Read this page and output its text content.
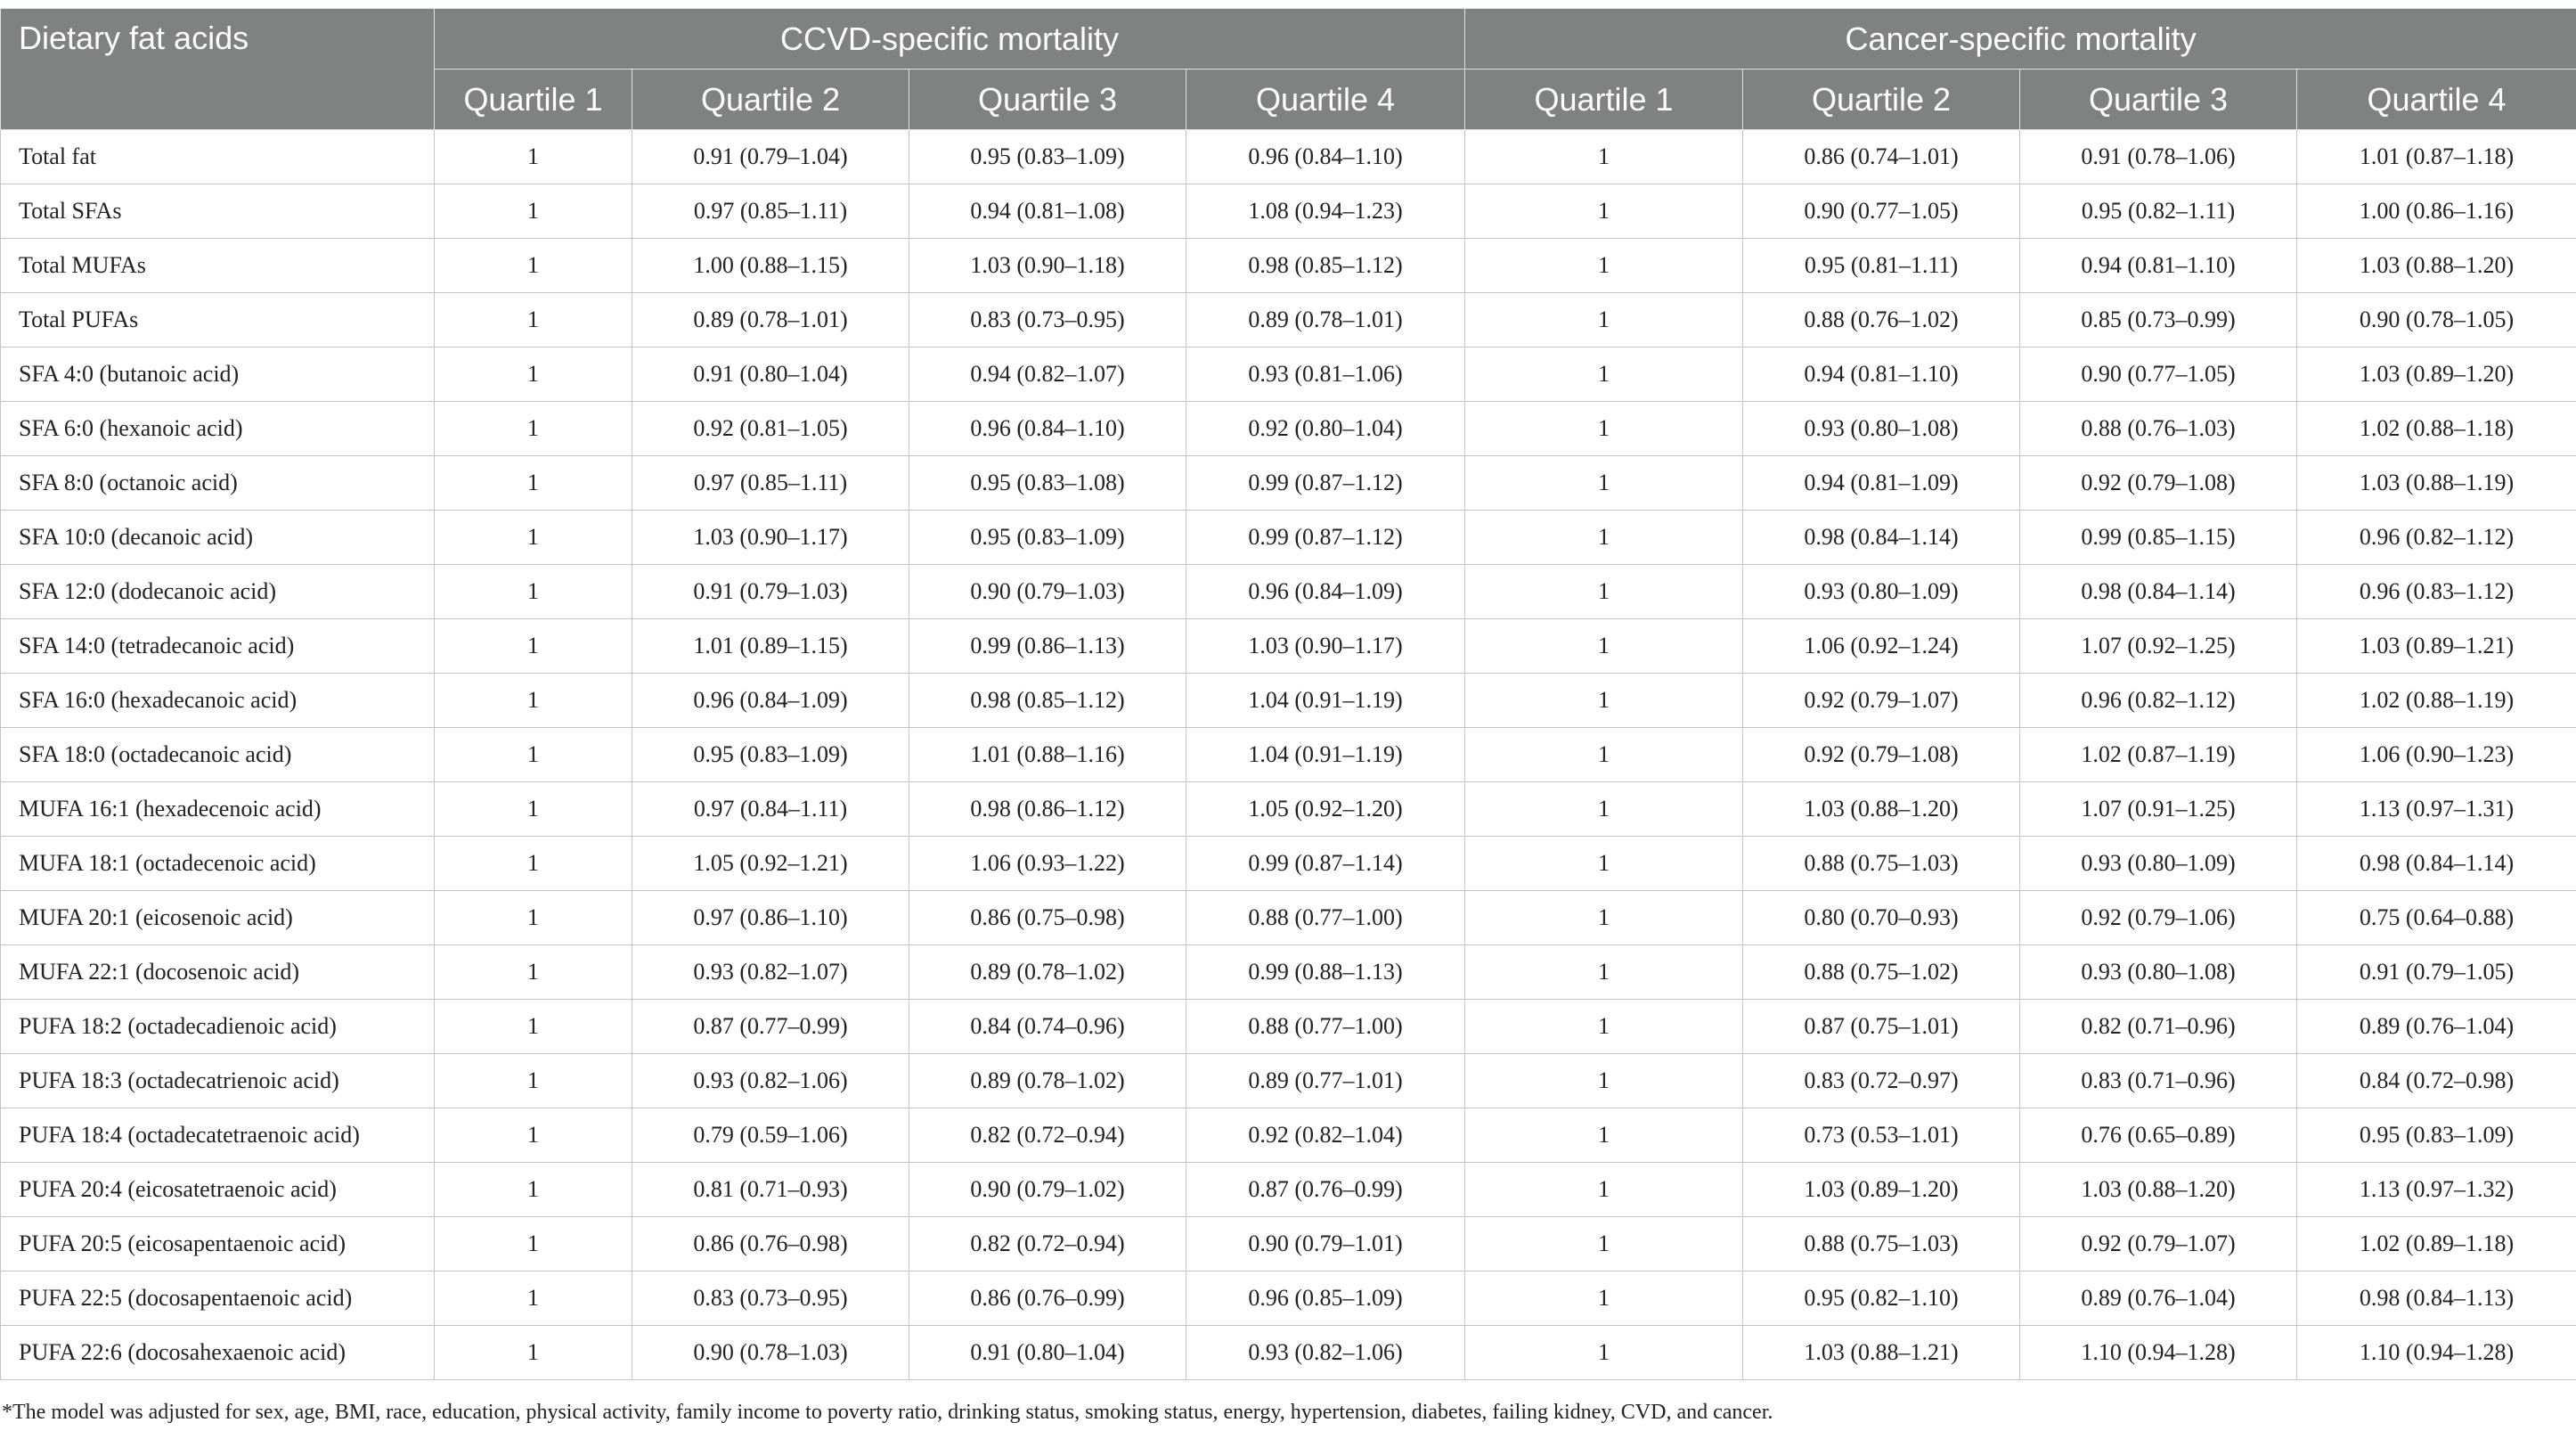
Dietary fat acids	CCVD-specific mortality				Cancer-specific mortality			
	Quartile 1	Quartile 2	Quartile 3	Quartile 4	Quartile 1	Quartile 2	Quartile 3	Quartile 4
Total fat	1	0.91 (0.79–1.04)	0.95 (0.83–1.09)	0.96 (0.84–1.10)	1	0.86 (0.74–1.01)	0.91 (0.78–1.06)	1.01 (0.87–1.18)
Total SFAs	1	0.97 (0.85–1.11)	0.94 (0.81–1.08)	1.08 (0.94–1.23)	1	0.90 (0.77–1.05)	0.95 (0.82–1.11)	1.00 (0.86–1.16)
Total MUFAs	1	1.00 (0.88–1.15)	1.03 (0.90–1.18)	0.98 (0.85–1.12)	1	0.95 (0.81–1.11)	0.94 (0.81–1.10)	1.03 (0.88–1.20)
Total PUFAs	1	0.89 (0.78–1.01)	0.83 (0.73–0.95)	0.89 (0.78–1.01)	1	0.88 (0.76–1.02)	0.85 (0.73–0.99)	0.90 (0.78–1.05)
SFA 4:0 (butanoic acid)	1	0.91 (0.80–1.04)	0.94 (0.82–1.07)	0.93 (0.81–1.06)	1	0.94 (0.81–1.10)	0.90 (0.77–1.05)	1.03 (0.89–1.20)
SFA 6:0 (hexanoic acid)	1	0.92 (0.81–1.05)	0.96 (0.84–1.10)	0.92 (0.80–1.04)	1	0.93 (0.80–1.08)	0.88 (0.76–1.03)	1.02 (0.88–1.18)
SFA 8:0 (octanoic acid)	1	0.97 (0.85–1.11)	0.95 (0.83–1.08)	0.99 (0.87–1.12)	1	0.94 (0.81–1.09)	0.92 (0.79–1.08)	1.03 (0.88–1.19)
SFA 10:0 (decanoic acid)	1	1.03 (0.90–1.17)	0.95 (0.83–1.09)	0.99 (0.87–1.12)	1	0.98 (0.84–1.14)	0.99 (0.85–1.15)	0.96 (0.82–1.12)
SFA 12:0 (dodecanoic acid)	1	0.91 (0.79–1.03)	0.90 (0.79–1.03)	0.96 (0.84–1.09)	1	0.93 (0.80–1.09)	0.98 (0.84–1.14)	0.96 (0.83–1.12)
SFA 14:0 (tetradecanoic acid)	1	1.01 (0.89–1.15)	0.99 (0.86–1.13)	1.03 (0.90–1.17)	1	1.06 (0.92–1.24)	1.07 (0.92–1.25)	1.03 (0.89–1.21)
SFA 16:0 (hexadecanoic acid)	1	0.96 (0.84–1.09)	0.98 (0.85–1.12)	1.04 (0.91–1.19)	1	0.92 (0.79–1.07)	0.96 (0.82–1.12)	1.02 (0.88–1.19)
SFA 18:0 (octadecanoic acid)	1	0.95 (0.83–1.09)	1.01 (0.88–1.16)	1.04 (0.91–1.19)	1	0.92 (0.79–1.08)	1.02 (0.87–1.19)	1.06 (0.90–1.23)
MUFA 16:1 (hexadecenoic acid)	1	0.97 (0.84–1.11)	0.98 (0.86–1.12)	1.05 (0.92–1.20)	1	1.03 (0.88–1.20)	1.07 (0.91–1.25)	1.13 (0.97–1.31)
MUFA 18:1 (octadecenoic acid)	1	1.05 (0.92–1.21)	1.06 (0.93–1.22)	0.99 (0.87–1.14)	1	0.88 (0.75–1.03)	0.93 (0.80–1.09)	0.98 (0.84–1.14)
MUFA 20:1 (eicosenoic acid)	1	0.97 (0.86–1.10)	0.86 (0.75–0.98)	0.88 (0.77–1.00)	1	0.80 (0.70–0.93)	0.92 (0.79–1.06)	0.75 (0.64–0.88)
MUFA 22:1 (docosenoic acid)	1	0.93 (0.82–1.07)	0.89 (0.78–1.02)	0.99 (0.88–1.13)	1	0.88 (0.75–1.02)	0.93 (0.80–1.08)	0.91 (0.79–1.05)
PUFA 18:2 (octadecadienoic acid)	1	0.87 (0.77–0.99)	0.84 (0.74–0.96)	0.88 (0.77–1.00)	1	0.87 (0.75–1.01)	0.82 (0.71–0.96)	0.89 (0.76–1.04)
PUFA 18:3 (octadecatrienoic acid)	1	0.93 (0.82–1.06)	0.89 (0.78–1.02)	0.89 (0.77–1.01)	1	0.83 (0.72–0.97)	0.83 (0.71–0.96)	0.84 (0.72–0.98)
PUFA 18:4 (octadecatetraenoic acid)	1	0.79 (0.59–1.06)	0.82 (0.72–0.94)	0.92 (0.82–1.04)	1	0.73 (0.53–1.01)	0.76 (0.65–0.89)	0.95 (0.83–1.09)
PUFA 20:4 (eicosatetraenoic acid)	1	0.81 (0.71–0.93)	0.90 (0.79–1.02)	0.87 (0.76–0.99)	1	1.03 (0.89–1.20)	1.03 (0.88–1.20)	1.13 (0.97–1.32)
PUFA 20:5 (eicosapentaenoic acid)	1	0.86 (0.76–0.98)	0.82 (0.72–0.94)	0.90 (0.79–1.01)	1	0.88 (0.75–1.03)	0.92 (0.79–1.07)	1.02 (0.89–1.18)
PUFA 22:5 (docosapentaenoic acid)	1	0.83 (0.73–0.95)	0.86 (0.76–0.99)	0.96 (0.85–1.09)	1	0.95 (0.82–1.10)	0.89 (0.76–1.04)	0.98 (0.84–1.13)
PUFA 22:6 (docosahexaenoic acid)	1	0.90 (0.78–1.03)	0.91 (0.80–1.04)	0.93 (0.82–1.06)	1	1.03 (0.88–1.21)	1.10 (0.94–1.28)	1.10 (0.94–1.28)
*The model was adjusted for sex, age, BMI, race, education, physical activity, family income to poverty ratio, drinking status, smoking status, energy, hypertension, diabetes, failing kidney, CVD, and cancer.
